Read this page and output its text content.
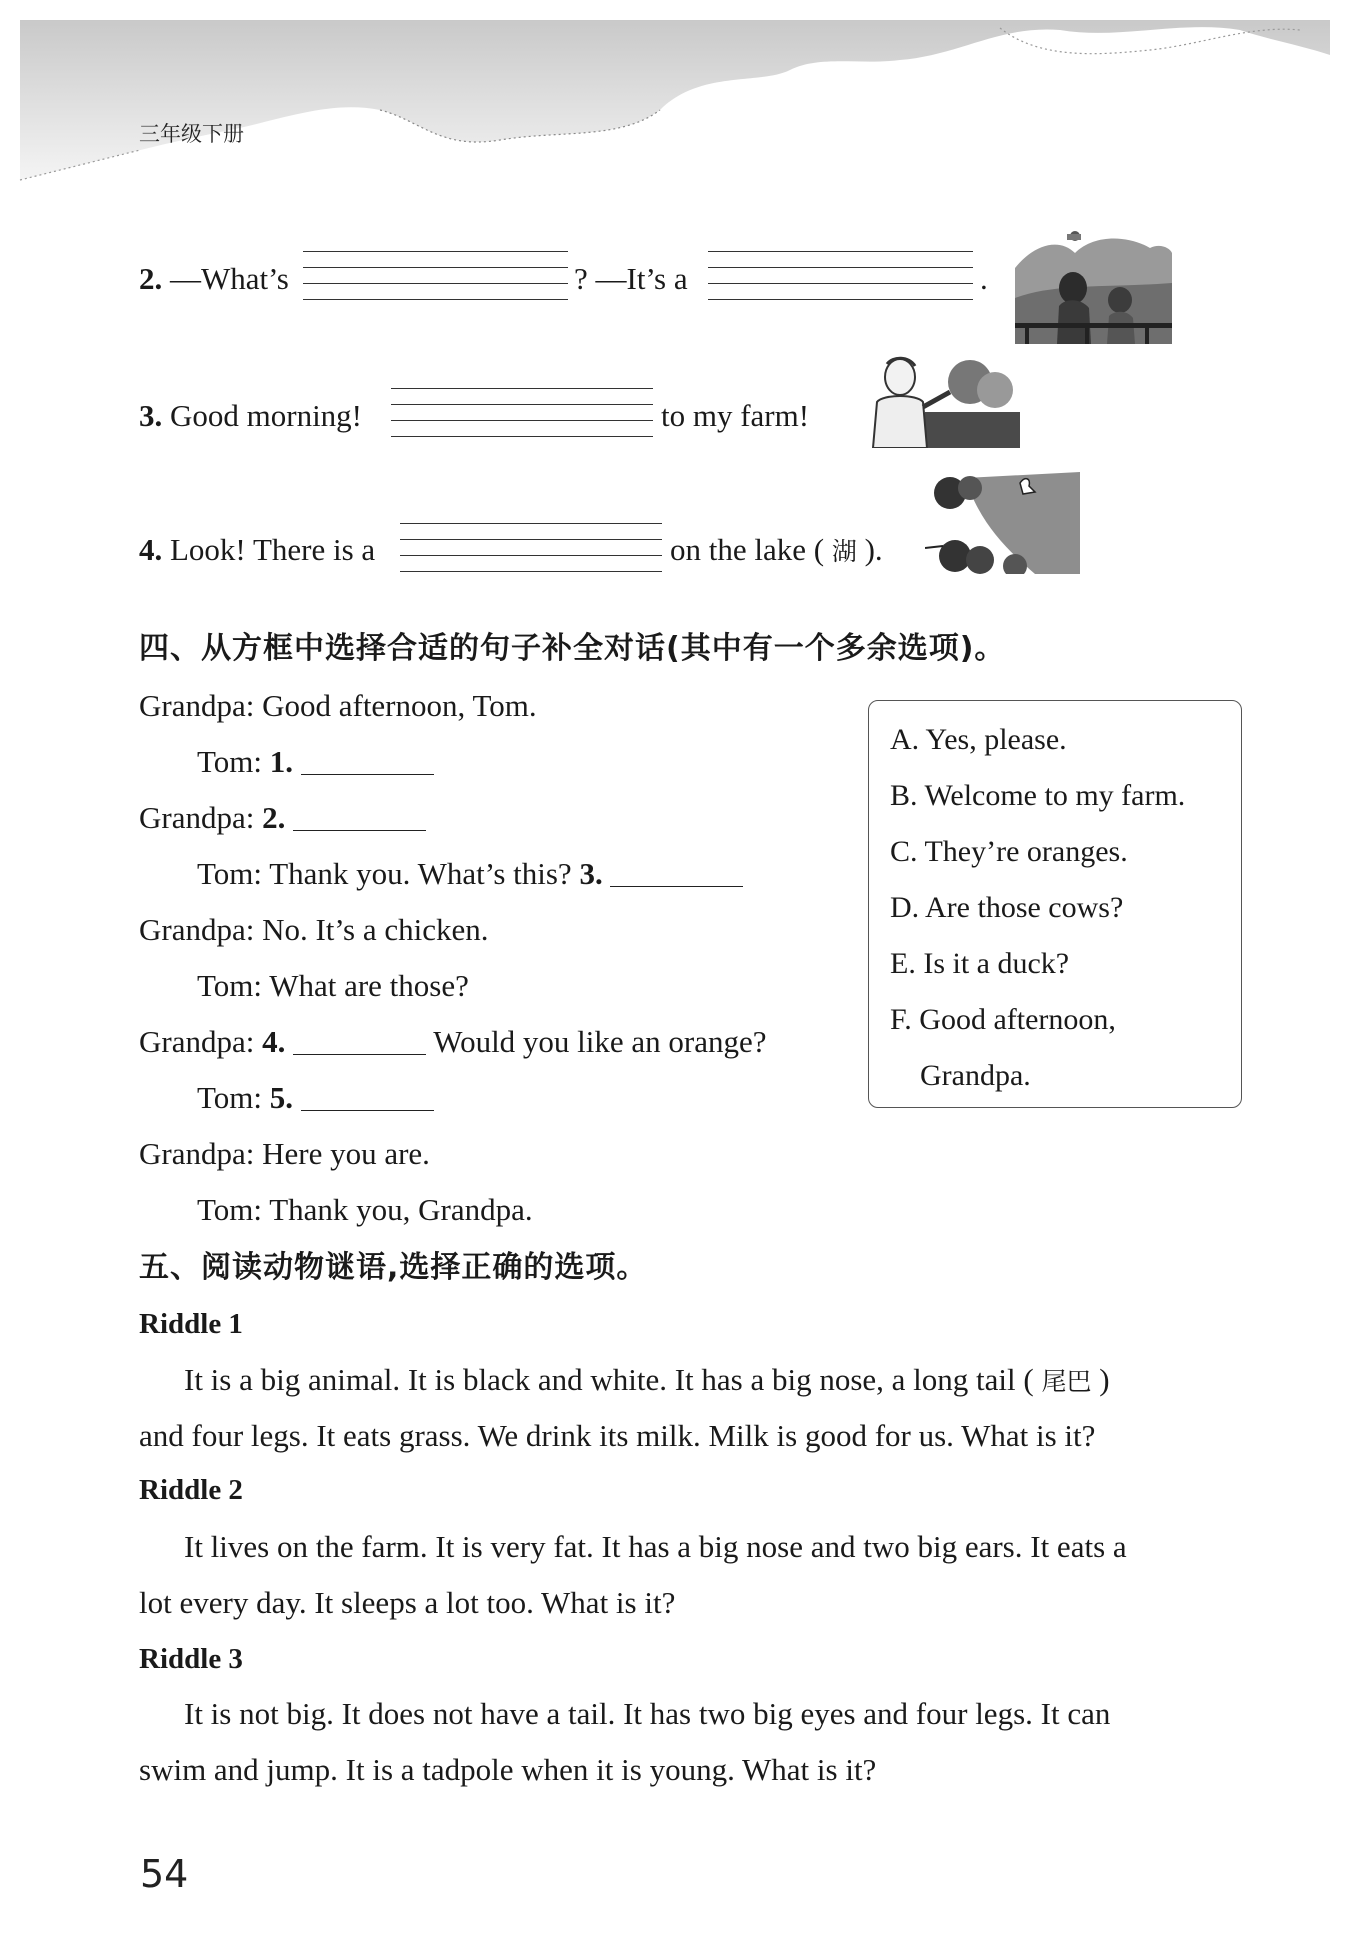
三年级下册
2. —What’s	? —It’s a	.
3. Good morning!	to my farm!
4. Look! There is a	on the lake ( 湖 ).
四、从方框中选择合适的句子补全对话(其中有一个多余选项)。
Grandpa: Good afternoon, Tom.
Tom: 1.
Grandpa: 2.
Tom: Thank you. What’s this? 3.
Grandpa: No. It’s a chicken.
Tom: What are those?
Grandpa: 4.	Would you like an orange?
Tom: 5.
Grandpa: Here you are.
Tom: Thank you, Grandpa.
A. Yes, please.
B. Welcome to my farm.
C. They’re oranges.
D. Are those cows?
E. Is it a duck?
F. Good afternoon,
Grandpa.
五、阅读动物谜语,选择正确的选项。
Riddle 1
It is a big animal. It is black and white. It has a big nose, a long tail ( 尾巴 )
and four legs. It eats grass. We drink its milk. Milk is good for us. What is it?
Riddle 2
It lives on the farm. It is very fat. It has a big nose and two big ears. It eats a
lot every day. It sleeps a lot too. What is it?
Riddle 3
It is not big. It does not have a tail. It has two big eyes and four legs. It can
swim and jump. It is a tadpole when it is young. What is it?
54
